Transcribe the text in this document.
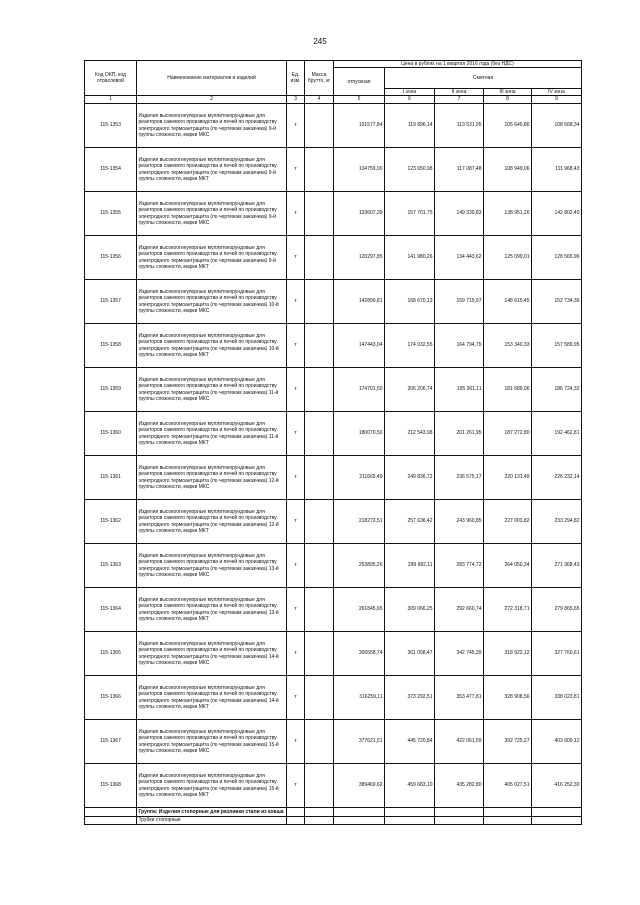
245
Код ОКП, код отраслевой	Наименование материалов и изделий	Ед. изм.	Масса брутто, кг	Цена в рублях на 1 квартал 2016 года (без НДС)				
				отпускная	Сметная			
					I зона	II зона	III зона	IV зона
1	2	3	4	5	6	7	8	9
115-1353	Изделия высокоогнеупорные муллитокорундовые для реакторов сажевого производства и печей по производству электродного термоантрацита (по чертежам заказчика) 9-й группы сложности, марки МКС	т		101577,84	119 896,14	113 531,95	105 640,86	108 568,34
115-1354	Изделия высокоогнеупорные муллитокорундовые для реакторов сажевого производства и печей по производству электродного термоантрацита (по чертежам заказчика) 9-й группы сложности, марки МКТ	т		104759,00	123 650,98	117 087,48	108 949,06	111 968,43
115-1355	Изделия высокоогнеупорные муллитокорундовые для реакторов сажевого производства и печей по производству электродного термоантрацита (по чертежам заказчика) 9-й группы сложности, марки МКС	т		133607,39	157 701,75	149 330,83	138 951,26	142 802,40
115-1356	Изделия высокоогнеупорные муллитокорундовые для реакторов сажевого производства и печей по производству электродного термоантрацита (по чертежам заказчика) 9-й группы сложности, марки МКТ	т		120297,85	141 980,26	134 443,62	125 099,01	128 565,96
115-1357	Изделия высокоогнеупорные муллитокорундовые для реакторов сажевого производства и печей по производству электродного термоантрацита (по чертежам заказчика) 10-й группы сложности, марки МКС	т		142899,81	168 670,13	159 715,97	148 615,45	152 734,36
115-1358	Изделия высокоогнеупорные муллитокорундовые для реакторов сажевого производства и печей по производству электродного термоантрацита (по чертежам заказчика) 10-й группы сложности, марки МКТ	т		147443,04	174 032,55	164 794,75	153 340,33	157 589,95
115-1359	Изделия высокоогнеупорные муллитокорундовые для реакторов сажевого производства и печей по производству электродного термоантрацита (по чертежам заказчика) 11-й группы сложности, марки МКС	т		174701,50	206 206,74	195 261,11	181 689,06	186 724,32
115-1360	Изделия высокоогнеупорные муллитокорундовые для реакторов сажевого производства и печей по производству электродного термоантрацита (по чертежам заказчика) 11-й группы сложности, марки МКТ	т		180070,50	212 543,98	201 261,95	187 272,80	192 462,81
115-1361	Изделия высокоогнеупорные муллитокорундовые для реакторов сажевого производства и печей по производству электродного термоантрацита (по чертежам заказчика) 12-й группы сложности, марки МКС	т		211665,49	249 836,72	236 575,17	220 131,49	226 232,14
115-1362	Изделия высокоогнеупорные муллитокорундовые для реакторов сажевого производства и печей по производству электродного термоантрацита (по чертежам заказчика) 12-й группы сложности, марки МКТ	т		218273,51	257 636,42	243 960,85	227 003,82	233 294,82
115-1363	Изделия высокоогнеупорные муллитокорундовые для реакторов сажевого производства и печей по производству электродного термоантрацита (по чертежам заказчика) 13-й группы сложности, марки МКС	т		253895,26	299 682,11	283 774,72	264 050,34	271 368,43
115-1364	Изделия высокоогнеупорные муллитокорундовые для реакторов сажевого производства и печей по производству электродного термоантрацита (по чертежам заказчика) 13-й группы сложности, марки МКТ	т		261845,65	309 066,25	292 660,74	272 318,71	279 865,65
115-1365	Изделия высокоогнеупорные муллитокорундовые для реакторов сажевого производства и печей по производству электродного термоантрацита (по чертежам заказчика) 14-й группы сложности, марки МКС	т		306558,74	361 058,47	342 745,39	318 922,12	327 760,61
115-1366	Изделия высокоогнеупорные муллитокорундовые для реакторов сажевого производства и печей по производству электродного термоантрацита (по чертежам заказчика) 14-й группы сложности, марки МКТ	т		316259,11	373 292,51	353 477,81	328 908,56	338 023,81
115-1367	Изделия высокоогнеупорные муллитокорундовые для реакторов сажевого производства и печей по производству электродного термоантрацита (по чертежам заказчика) 15-й группы сложности, марки МКС	т		377621,51	445 720,84	422 061,59	392 725,27	403 609,12
115-1368	Изделия высокоогнеупорные муллитокорундовые для реакторов сажевого производства и печей по производству электродного термоантрацита (по чертежам заказчика) 15-й группы сложности, марки МКТ	т		389469,62	459 683,10	435 282,80	405 027,51	416 252,30
	Группа: Изделия стопорные для разливки стали из ковша							
	Трубки стопорные							
